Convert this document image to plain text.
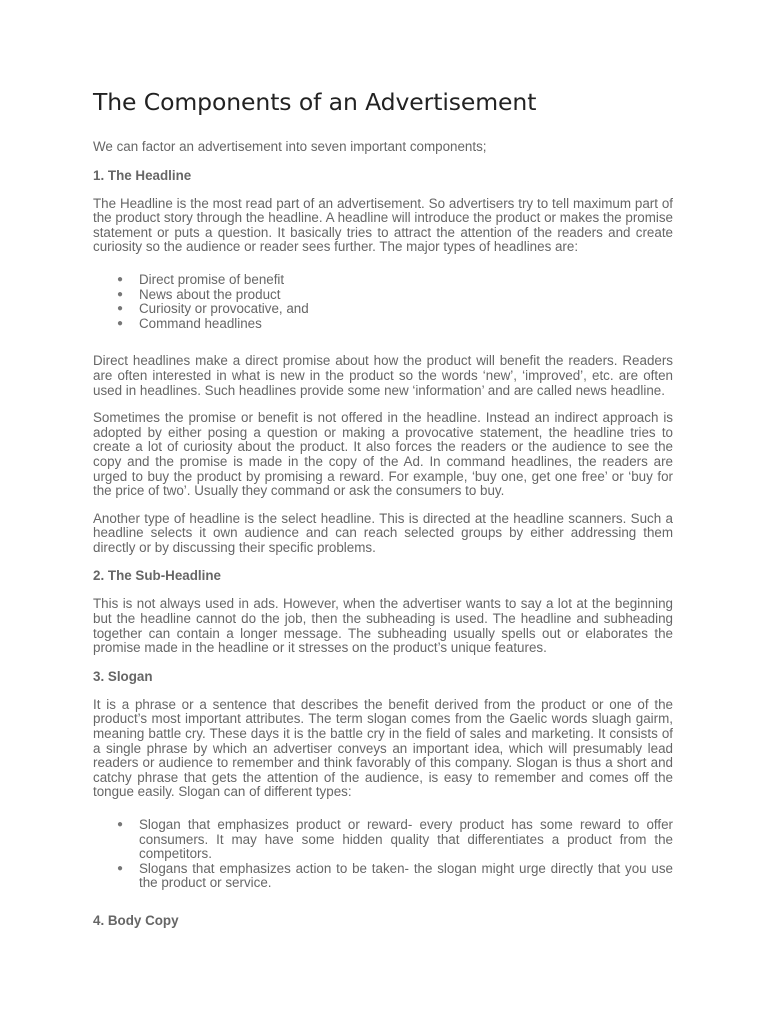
The Components of an Advertisement

We can factor an advertisement into seven important components;

1. The Headline

The Headline is the most read part of an advertisement. So advertisers try to tell maximum part of the product story through the headline. A headline will introduce the product or makes the promise statement or puts a question. It basically tries to attract the attention of the readers and create curiosity so the audience or reader sees further. The major types of headlines are:

● Direct promise of benefit
● News about the product
● Curiosity or provocative, and
● Command headlines

Direct headlines make a direct promise about how the product will benefit the readers. Readers are often interested in what is new in the product so the words ‘new’, ‘improved’, etc. are often used in headlines. Such headlines provide some new ‘information’ and are called news headline.

Sometimes the promise or benefit is not offered in the headline. Instead an indirect approach is adopted by either posing a question or making a provocative statement, the headline tries to create a lot of curiosity about the product. It also forces the readers or the audience to see the copy and the promise is made in the copy of the Ad. In command headlines, the readers are urged to buy the product by promising a reward. For example, ‘buy one, get one free’ or ‘buy for the price of two’. Usually they command or ask the consumers to buy.

Another type of headline is the select headline. This is directed at the headline scanners. Such a headline selects it own audience and can reach selected groups by either addressing them directly or by discussing their specific problems.

2. The Sub-Headline

This is not always used in ads. However, when the advertiser wants to say a lot at the beginning but the headline cannot do the job, then the subheading is used. The headline and subheading together can contain a longer message. The subheading usually spells out or elaborates the promise made in the headline or it stresses on the product’s unique features.

3. Slogan

It is a phrase or a sentence that describes the benefit derived from the product or one of the product’s most important attributes. The term slogan comes from the Gaelic words sluagh gairm, meaning battle cry. These days it is the battle cry in the field of sales and marketing. It consists of a single phrase by which an advertiser conveys an important idea, which will presumably lead readers or audience to remember and think favorably of this company. Slogan is thus a short and catchy phrase that gets the attention of the audience, is easy to remember and comes off the tongue easily. Slogan can of different types:

● Slogan that emphasizes product or reward- every product has some reward to offer consumers. It may have some hidden quality that differentiates a product from the competitors.
● Slogans that emphasizes action to be taken- the slogan might urge directly that you use the product or service.
4. Body Copy
